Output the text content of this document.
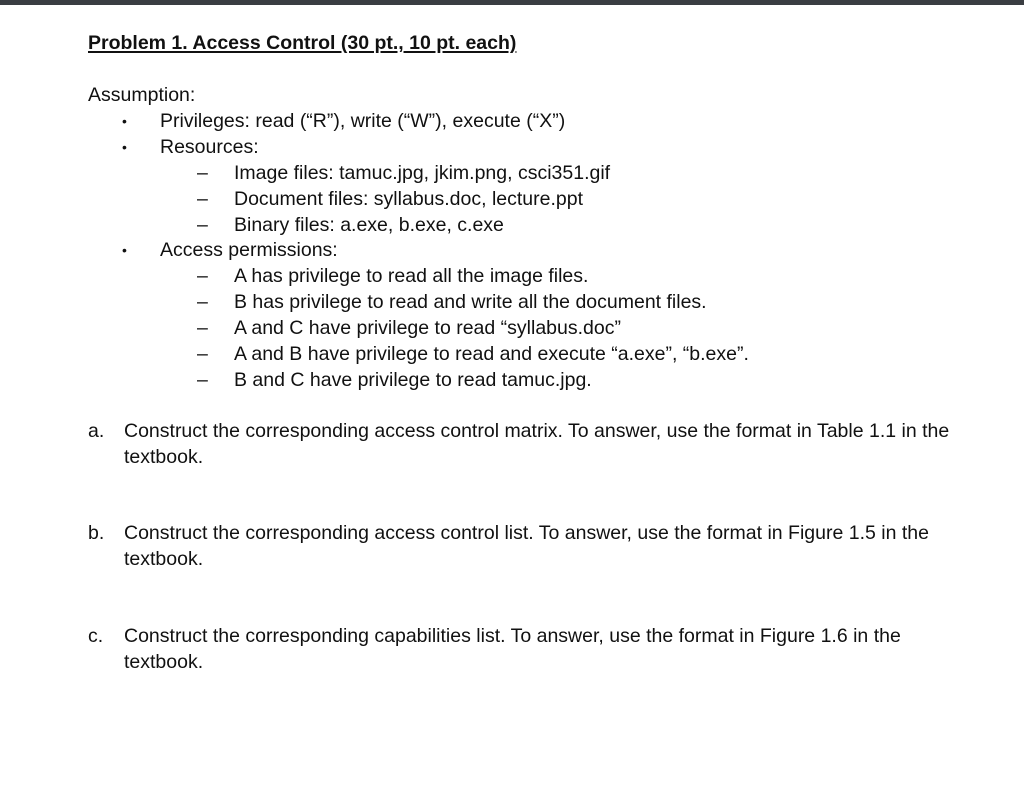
Problem 1. Access Control (30 pt., 10 pt. each)
Assumption:
• Privileges: read (“R”), write (“W”), execute (“X”)
• Resources:
– Image files: tamuc.jpg, jkim.png, csci351.gif
– Document files: syllabus.doc, lecture.ppt
– Binary files: a.exe, b.exe, c.exe
• Access permissions:
– A has privilege to read all the image files.
– B has privilege to read and write all the document files.
– A and C have privilege to read “syllabus.doc”
– A and B have privilege to read and execute “a.exe”, “b.exe”.
– B and C have privilege to read tamuc.jpg.
a. Construct the corresponding access control matrix. To answer, use the format in Table 1.1 in the textbook.
b. Construct the corresponding access control list. To answer, use the format in Figure 1.5 in the textbook.
c. Construct the corresponding capabilities list. To answer, use the format in Figure 1.6 in the textbook.
